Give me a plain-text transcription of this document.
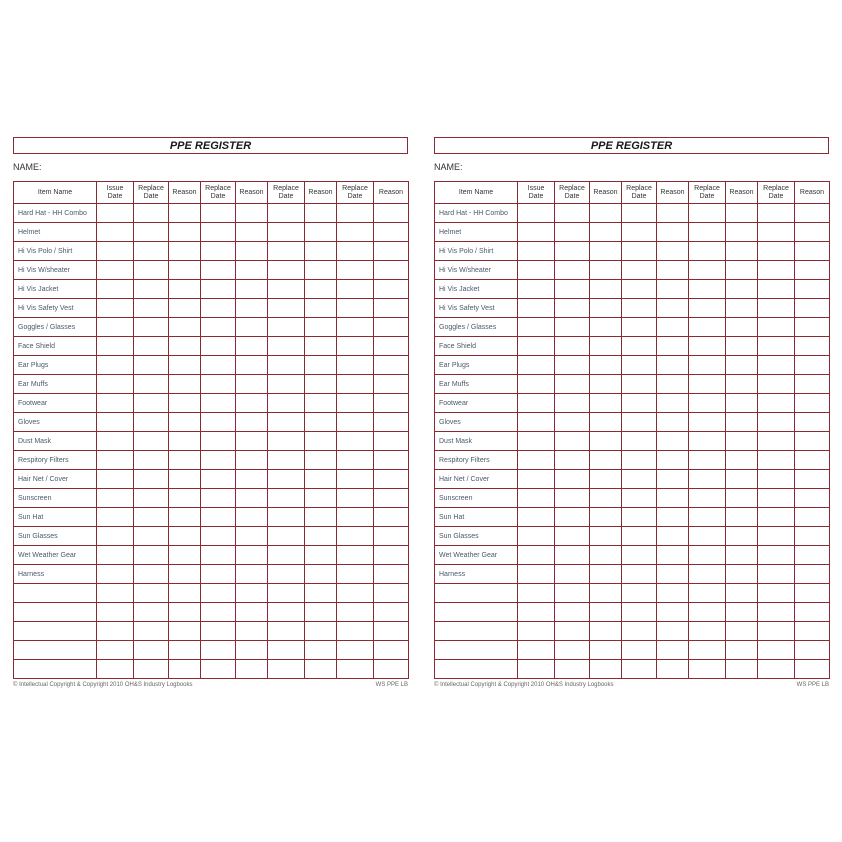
PPE REGISTER
NAME:
Item Name	Issue Date	Replace Date	Reason	Replace Date	Reason	Replace Date	Reason	Replace Date	Reason
Hard Hat - HH Combo									
Helmet									
Hi Vis Polo / Shirt									
Hi Vis W/sheater									
Hi Vis Jacket									
Hi Vis Safety Vest									
Goggles / Glasses									
Face Shield									
Ear Plugs									
Ear Muffs									
Footwear									
Gloves									
Dust Mask									
Respitory Filters									
Hair Net / Cover									
Sunscreen									
Sun Hat									
Sun Glasses									
Wet Weather Gear									
Harness									

© Intellectual Copyright & Copyright 2010 OH&S Industry Logbooks	WS PPE LB
PPE REGISTER
NAME:
Item Name	Issue Date	Replace Date	Reason	Replace Date	Reason	Replace Date	Reason	Replace Date	Reason
Hard Hat - HH Combo									
Helmet									
Hi Vis Polo / Shirt									
Hi Vis W/sheater									
Hi Vis Jacket									
Hi Vis Safety Vest									
Goggles / Glasses									
Face Shield									
Ear Plugs									
Ear Muffs									
Footwear									
Gloves									
Dust Mask									
Respitory Filters									
Hair Net / Cover									
Sunscreen									
Sun Hat									
Sun Glasses									
Wet Weather Gear									
Harness									

© Intellectual Copyright & Copyright 2010 OH&S Industry Logbooks	WS PPE LB
